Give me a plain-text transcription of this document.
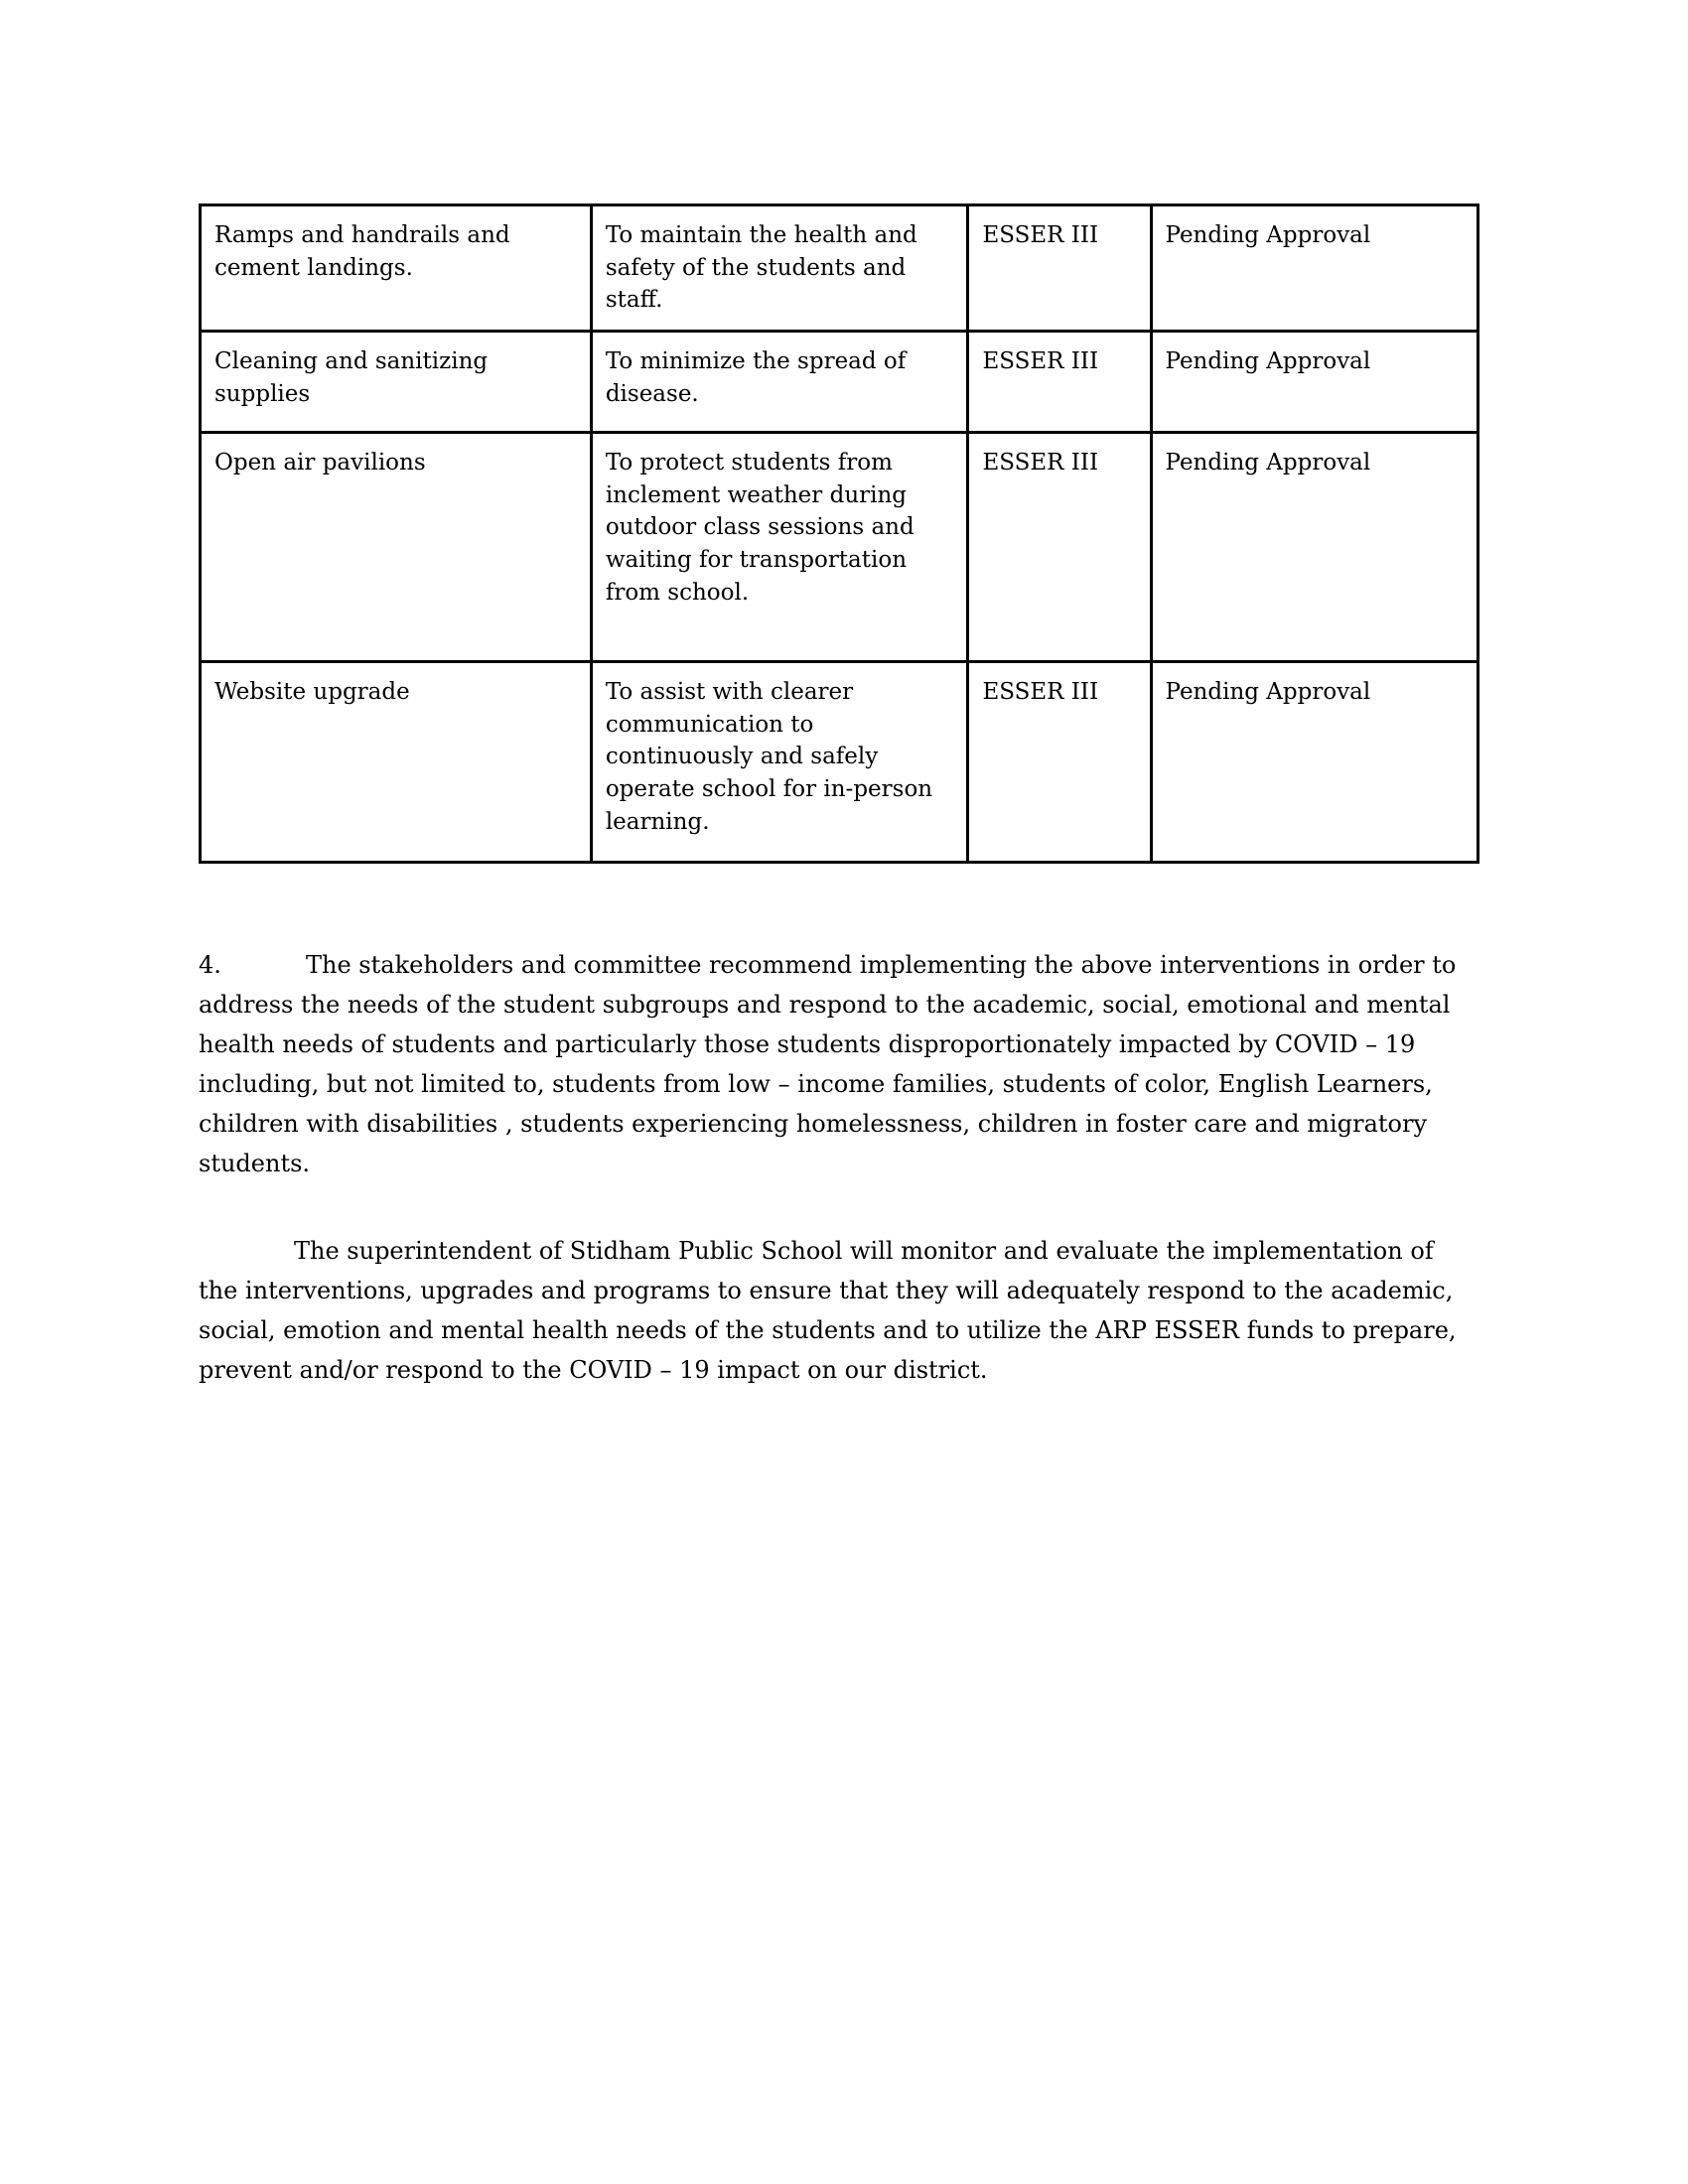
Ramps and handrails and cement landings.	To maintain the health and safety of the students and staff.	ESSER III	Pending Approval
Cleaning and sanitizing supplies	To minimize the spread of disease.	ESSER III	Pending Approval
Open air pavilions	To protect students from inclement weather during outdoor class sessions and waiting for transportation from school.	ESSER III	Pending Approval
Website upgrade	To assist with clearer communication to continuously and safely operate school for in-person learning.	ESSER III	Pending Approval

4.	The stakeholders and committee recommend implementing the above interventions in order to address the needs of the student subgroups and respond to the academic, social, emotional and mental health needs of students and particularly those students disproportionately impacted by COVID – 19 including, but not limited to, students from low – income families, students of color, English Learners, children with disabilities , students experiencing homelessness, children in foster care and migratory students.

The superintendent of Stidham Public School will monitor and evaluate the implementation of the interventions, upgrades and programs to ensure that they will adequately respond to the academic, social, emotion and mental health needs of the students and to utilize the ARP ESSER funds to prepare, prevent and/or respond to the COVID – 19 impact on our district.
